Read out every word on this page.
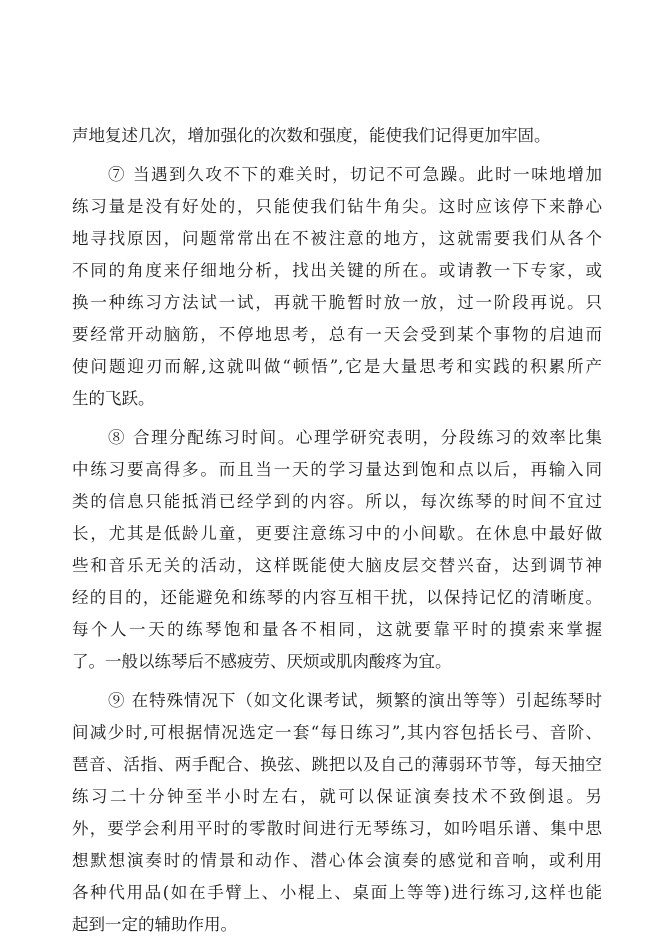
声地复述几次，增加强化的次数和强度，能使我们记得更加牢固。
⑦ 当遇到久攻不下的难关时，切记不可急躁。此时一味地增加
练习量是没有好处的，只能使我们钻牛角尖。这时应该停下来静心
地寻找原因，问题常常出在不被注意的地方，这就需要我们从各个
不同的角度来仔细地分析，找出关键的所在。或请教一下专家，或
换一种练习方法试一试，再就干脆暂时放一放，过一阶段再说。只
要经常开动脑筋，不停地思考，总有一天会受到某个事物的启迪而
使问题迎刃而解,这就叫做“顿悟”,它是大量思考和实践的积累所产
生的飞跃。
⑧ 合理分配练习时间。心理学研究表明，分段练习的效率比集
中练习要高得多。而且当一天的学习量达到饱和点以后，再输入同
类的信息只能抵消已经学到的内容。所以，每次练琴的时间不宜过
长，尤其是低龄儿童，更要注意练习中的小间歇。在休息中最好做
些和音乐无关的活动，这样既能使大脑皮层交替兴奋，达到调节神
经的目的，还能避免和练琴的内容互相干扰，以保持记忆的清晰度。
每个人一天的练琴饱和量各不相同，这就要靠平时的摸索来掌握
了。一般以练琴后不感疲劳、厌烦或肌肉酸疼为宜。
⑨ 在特殊情况下（如文化课考试，频繁的演出等等）引起练琴时
间减少时,可根据情况选定一套“每日练习”,其内容包括长弓、音阶、
琶音、活指、两手配合、换弦、跳把以及自己的薄弱环节等，每天抽空
练习二十分钟至半小时左右，就可以保证演奏技术不致倒退。另
外，要学会利用平时的零散时间进行无琴练习，如吟唱乐谱、集中思
想默想演奏时的情景和动作、潜心体会演奏的感觉和音响，或利用
各种代用品(如在手臂上、小棍上、桌面上等等)进行练习,这样也能
起到一定的辅助作用。
